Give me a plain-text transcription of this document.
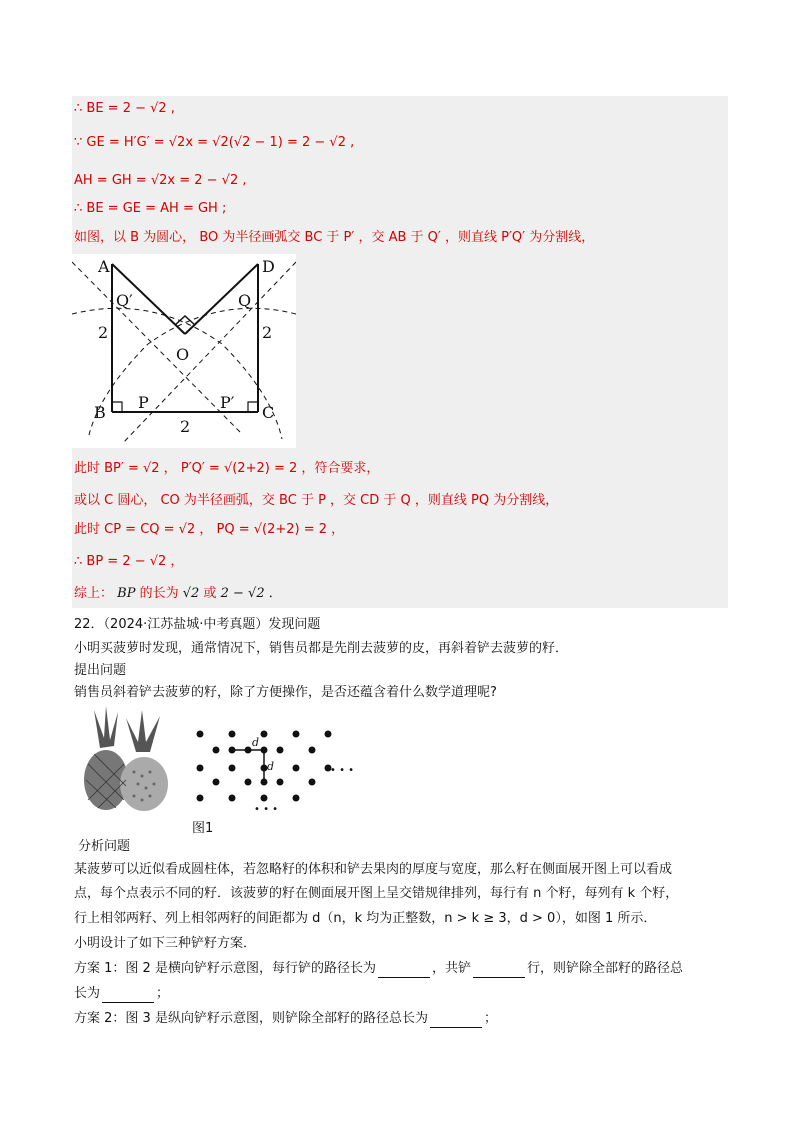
∴ BE = 2 − √2 ,
∵ GE = H′G′ = √2x = √2(√2 − 1) = 2 − √2 ,
AH = GH = √2x = 2 − √2 ,
∴ BE = GE = AH = GH ;
如图，以 B 为圆心， BO 为半径画弧交 BC 于 P′ ，交 AB 于 Q′ ，则直线 P′Q′ 为分割线，
A	D
B	C
O
Q′	Q
P′
P
2	2
2
此时 BP′ = √2 ， P′Q′ = √(2+2) = 2 ，符合要求，
或以 C 圆心， CO 为半径画弧，交 BC 于 P ，交 CD 于 Q ，则直线 PQ 为分割线，
此时 CP = CQ = √2 ， PQ = √(2+2) = 2 ，
∴ BP = 2 − √2 ，
综上： BP 的长为 √2 或 2 − √2 ．
22．（2024·江苏盐城·中考真题）发现问题
小明买菠萝时发现，通常情况下，销售员都是先削去菠萝的皮，再斜着铲去菠萝的籽．
提出问题
销售员斜着铲去菠萝的籽，除了方便操作，是否还蕴含着什么数学道理呢?
d
d	• • •
• • •
图1
分析问题
某菠萝可以近似看成圆柱体，若忽略籽的体积和铲去果肉的厚度与宽度，那么籽在侧面展开图上可以看成
点，每个点表示不同的籽．该菠萝的籽在侧面展开图上呈交错规律排列，每行有 n 个籽，每列有 k 个籽，
行上相邻两籽、列上相邻两籽的间距都为 d（n，k 均为正整数，n > k ≥ 3，d > 0），如图 1 所示．
小明设计了如下三种铲籽方案．
方案 1：图 2 是横向铲籽示意图，每行铲的路径长为	，共铲	行，则铲除全部籽的路径总
长为	；
方案 2：图 3 是纵向铲籽示意图，则铲除全部籽的路径总长为	；
